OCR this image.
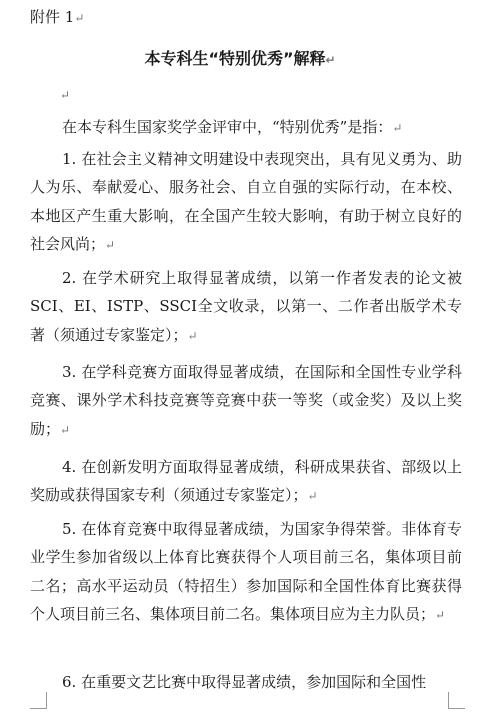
附件 1↵
本专科生“特别优秀”解释↵
↵

在本专科生国家奖学金评审中，“特别优秀”是指：↵

1. 在社会主义精神文明建设中表现突出，具有见义勇为、助人为乐、奉献爱心、服务社会、自立自强的实际行动，在本校、本地区产生重大影响，在全国产生较大影响，有助于树立良好的社会风尚；↵

2. 在学术研究上取得显著成绩，以第一作者发表的论文被SCI、EI、ISTP、SSCI全文收录，以第一、二作者出版学术专著（须通过专家鉴定）；↵

3. 在学科竞赛方面取得显著成绩，在国际和全国性专业学科竞赛、课外学术科技竞赛等竞赛中获一等奖（或金奖）及以上奖励；↵

4. 在创新发明方面取得显著成绩，科研成果获省、部级以上奖励或获得国家专利（须通过专家鉴定）；↵

5. 在体育竞赛中取得显著成绩，为国家争得荣誉。非体育专业学生参加省级以上体育比赛获得个人项目前三名，集体项目前二名；高水平运动员（特招生）参加国际和全国性体育比赛获得个人项目前三名、集体项目前二名。集体项目应为主力队员；↵

6. 在重要文艺比赛中取得显著成绩，参加国际和全国性
